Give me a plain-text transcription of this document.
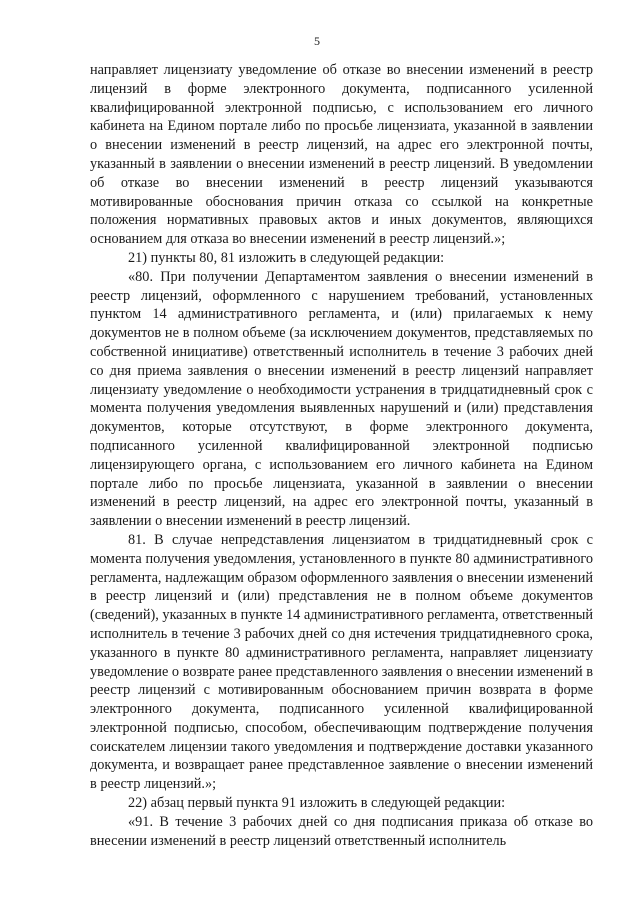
5

направляет лицензиату уведомление об отказе во внесении изменений в реестр лицензий в форме электронного документа, подписанного усиленной квалифицированной электронной подписью, с использованием его личного кабинета на Едином портале либо по просьбе лицензиата, указанной в заявлении о внесении изменений в реестр лицензий, на адрес его электронной почты, указанный в заявлении о внесении изменений в реестр лицензий. В уведомлении об отказе во внесении изменений в реестр лицензий указываются мотивированные обоснования причин отказа со ссылкой на конкретные положения нормативных правовых актов и иных документов, являющихся основанием для отказа во внесении изменений в реестр лицензий.»;

21) пункты 80, 81 изложить в следующей редакции:

«80. При получении Департаментом заявления о внесении изменений в реестр лицензий, оформленного с нарушением требований, установленных пунктом 14 административного регламента, и (или) прилагаемых к нему документов не в полном объеме (за исключением документов, представляемых по собственной инициативе) ответственный исполнитель в течение 3 рабочих дней со дня приема заявления о внесении изменений в реестр лицензий направляет лицензиату уведомление о необходимости устранения в тридцатидневный срок с момента получения уведомления выявленных нарушений и (или) представления документов, которые отсутствуют, в форме электронного документа, подписанного усиленной квалифицированной электронной подписью лицензирующего органа, с использованием его личного кабинета на Едином портале либо по просьбе лицензиата, указанной в заявлении о внесении изменений в реестр лицензий, на адрес его электронной почты, указанный в заявлении о внесении изменений в реестр лицензий.

81. В случае непредставления лицензиатом в тридцатидневный срок с момента получения уведомления, установленного в пункте 80 административного регламента, надлежащим образом оформленного заявления о внесении изменений в реестр лицензий и (или) представления не в полном объеме документов (сведений), указанных в пункте 14 административного регламента, ответственный исполнитель в течение 3 рабочих дней со дня истечения тридцатидневного срока, указанного в пункте 80 административного регламента, направляет лицензиату уведомление о возврате ранее представленного заявления о внесении изменений в реестр лицензий с мотивированным обоснованием причин возврата в форме электронного документа, подписанного усиленной квалифицированной электронной подписью, способом, обеспечивающим подтверждение получения соискателем лицензии такого уведомления и подтверждение доставки указанного документа, и возвращает ранее представленное заявление о внесении изменений в реестр лицензий.»;

22) абзац первый пункта 91 изложить в следующей редакции:

«91. В течение 3 рабочих дней со дня подписания приказа об отказе во внесении изменений в реестр лицензий ответственный исполнитель
